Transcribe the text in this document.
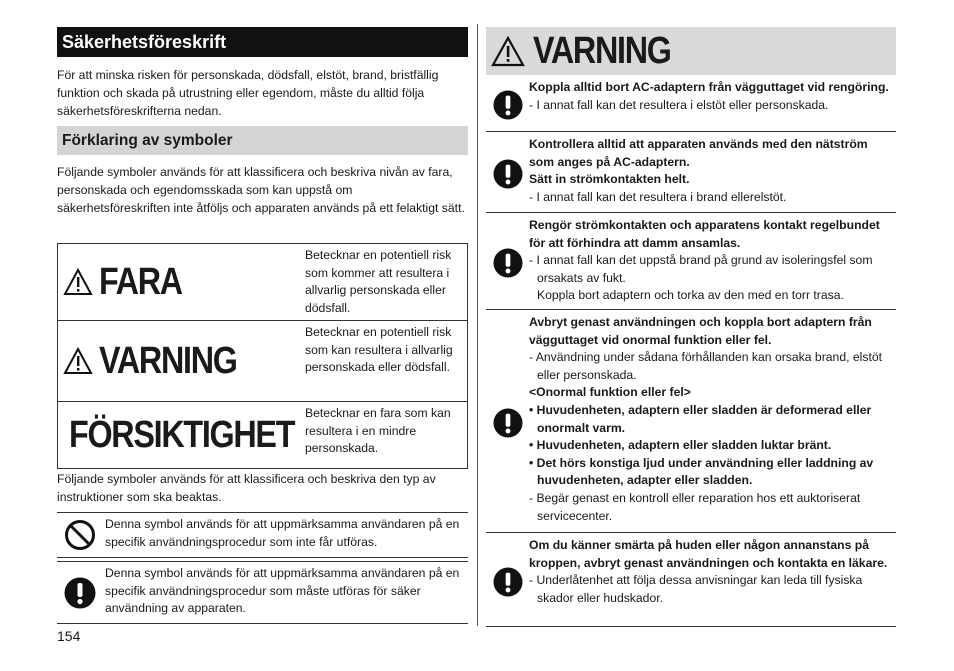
Säkerhetsföreskrift
För att minska risken för personskada, dödsfall, elstöt, brand, bristfällig funktion och skada på utrustning eller egendom, måste du alltid följa säkerhetsföreskrifterna nedan.
Förklaring av symboler
Följande symboler används för att klassificera och beskriva nivån av fara, personskada och egendomsskada som kan uppstå om säkerhetsföreskriften inte åtföljs och apparaten används på ett felaktigt sätt.
FARA
Betecknar en potentiell risk som kommer att resultera i allvarlig personskada eller dödsfall.
VARNING
Betecknar en potentiell risk som kan resultera i allvarlig personskada eller dödsfall.
FÖRSIKTIGHET
Betecknar en fara som kan resultera i en mindre personskada.
Följande symboler används för att klassificera och beskriva den typ av instruktioner som ska beaktas.
Denna symbol används för att uppmärksamma användaren på en specifik användningsprocedur som inte får utföras.
Denna symbol används för att uppmärksamma användaren på en specifik användningsprocedur som måste utföras för säker användning av apparaten.
154
VARNING
Koppla alltid bort AC-adaptern från vägguttaget vid rengöring.
- I annat fall kan det resultera i elstöt eller personskada.
Kontrollera alltid att apparaten används med den nätström som anges på AC-adaptern.
Sätt in strömkontakten helt.
- I annat fall kan det resultera i brand ellerelstöt.
Rengör strömkontakten och apparatens kontakt regelbundet för att förhindra att damm ansamlas.
- I annat fall kan det uppstå brand på grund av isoleringsfel som orsakats av fukt.
Koppla bort adaptern och torka av den med en torr trasa.
Avbryt genast användningen och koppla bort adaptern från vägguttaget vid onormal funktion eller fel.
- Användning under sådana förhållanden kan orsaka brand, elstöt eller personskada.
<Onormal funktion eller fel>
• Huvudenheten, adaptern eller sladden är deformerad eller onormalt varm.
• Huvudenheten, adaptern eller sladden luktar bränt.
• Det hörs konstiga ljud under användning eller laddning av huvudenheten, adapter eller sladden.
- Begär genast en kontroll eller reparation hos ett auktoriserat servicecenter.
Om du känner smärta på huden eller någon annanstans på kroppen, avbryt genast användningen och kontakta en läkare.
- Underlåtenhet att följa dessa anvisningar kan leda till fysiska skador eller hudskador.
